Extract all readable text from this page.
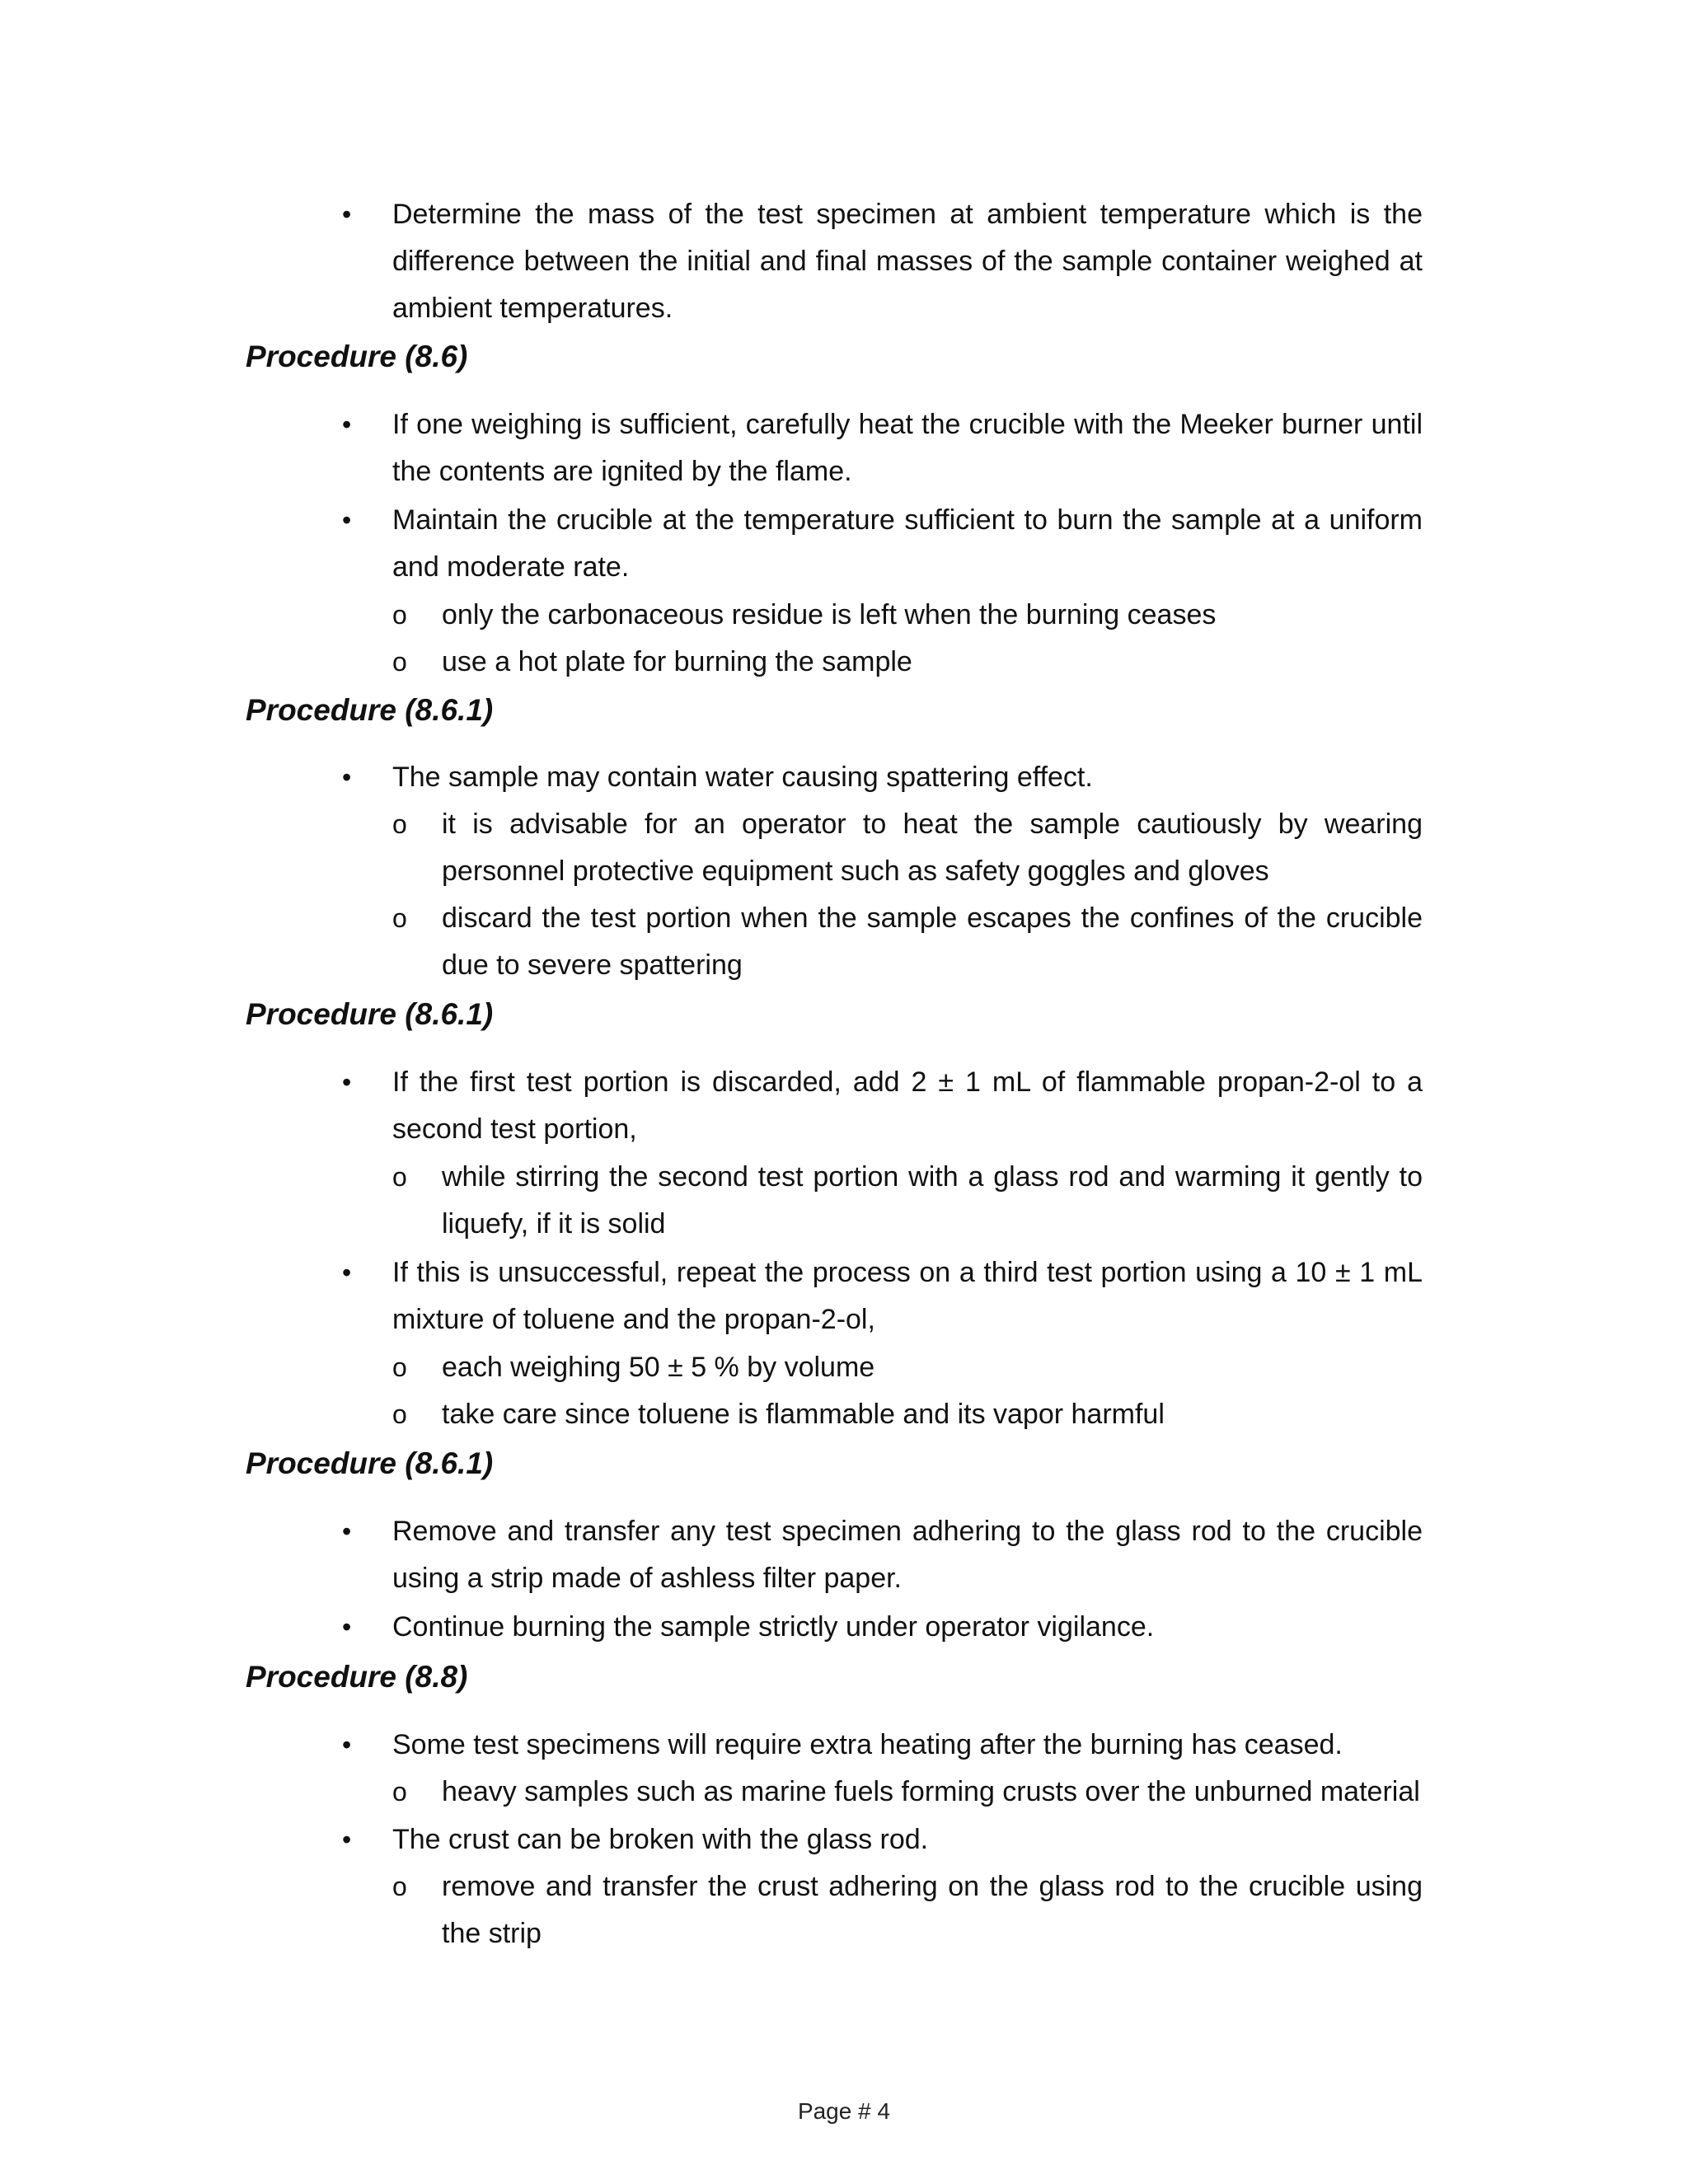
• Determine the mass of the test specimen at ambient temperature which is the difference between the initial and final masses of the sample container weighed at ambient temperatures.

Procedure (8.6)
• If one weighing is sufficient, carefully heat the crucible with the Meeker burner until the contents are ignited by the flame.

• Maintain the crucible at the temperature sufficient to burn the sample at a uniform and moderate rate.

o only the carbonaceous residue is left when the burning ceases

o use a hot plate for burning the sample

Procedure (8.6.1)
• The sample may contain water causing spattering effect.

o it is advisable for an operator to heat the sample cautiously by wearing personnel protective equipment such as safety goggles and gloves

o discard the test portion when the sample escapes the confines of the crucible due to severe spattering

Procedure (8.6.1)
• If the first test portion is discarded, add 2 ± 1 mL of flammable propan-2-ol to a second test portion,

o while stirring the second test portion with a glass rod and warming it gently to liquefy, if it is solid

• If this is unsuccessful, repeat the process on a third test portion using a 10 ± 1 mL mixture of toluene and the propan-2-ol,

o each weighing 50 ± 5 % by volume

o take care since toluene is flammable and its vapor harmful

Procedure (8.6.1)
• Remove and transfer any test specimen adhering to the glass rod to the crucible using a strip made of ashless filter paper.

• Continue burning the sample strictly under operator vigilance.

Procedure (8.8)
• Some test specimens will require extra heating after the burning has ceased.

o heavy samples such as marine fuels forming crusts over the unburned material

• The crust can be broken with the glass rod.

o remove and transfer the crust adhering on the glass rod to the crucible using the strip

Page # 4
